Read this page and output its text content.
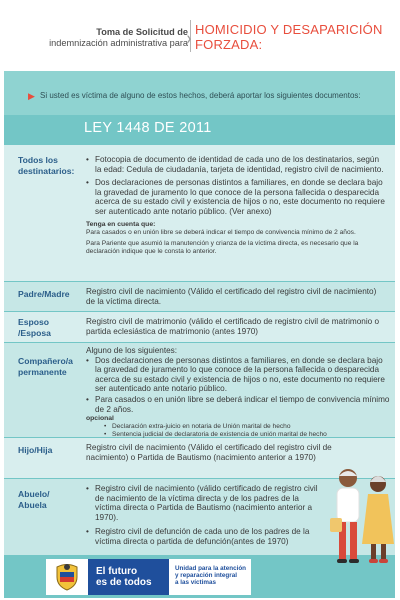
Toma de Solicitud de
indemnización administrativa para
❯
HOMICIDIO Y DESAPARICIÓN
FORZADA:
▶ Si usted es víctima de alguno de estos hechos, deberá aportar los siguientes documentos:
LEY 1448 DE 2011
Todos los
destinatarios:
• Fotocopia de documento de identidad de cada uno de los destinatarios, según la edad: Cedula de ciudadanía, tarjeta de identidad, registro civil de nacimiento.
• Dos declaraciones de personas distintos a familiares, en donde se declara bajo la gravedad de juramento lo que conoce de la persona fallecida o desparecida acerca de su estado civil y existencia de hijos o no, este documento no requiere ser autenticado ante notario público. (Ver anexo)
Tenga en cuenta que:
Para casados o en unión libre se deberá indicar el tiempo de convivencia mínimo de 2 años.
Para Pariente que asumió la manutención y crianza de la víctima directa, es necesario que la declaración indique que le consta lo anterior.
Padre/Madre Registro civil de nacimiento (Válido el certificado del registro civil de nacimiento) de la víctima directa.
Esposo
/Esposa
Registro civil de matrimonio (válido el certificado de registro civil de matrimonio o partida eclesiástica de matrimonio (antes 1970)
Compañero/a
permanente
Alguno de los siguientes:
• Dos declaraciones de personas distintos a familiares, en donde se declara bajo la gravedad de juramento lo que conoce de la persona fallecida o desparecida acerca de su estado civil y existencia de hijos o no, este documento no requiere ser autenticado ante notario público.
• Para casados o en unión libre se deberá indicar el tiempo de convivencia mínimo de 2 años.
opcional
• Declaración extra-juicio en notaria de Unión marital de hecho
• Sentencia judicial de declaratoria de existencia de unión marital de hecho
Hijo/Hija	Registro civil de nacimiento (Válido el certificado del registro civil de nacimiento) o Partida de Bautismo (nacimiento anterior a 1970)
Abuelo/
Abuela
• Registro civil de nacimiento (válido certificado de registro civil de nacimiento de la víctima directa y de los padres de la víctima directa o Partida de Bautismo (nacimiento anterior a 1970).
• Registro civil de defunción de cada uno de los padres de la víctima directa o partida de defunción(antes de 1970)
El futuro
es de todos
Unidad para la atención
y reparación integral
a las víctimas
